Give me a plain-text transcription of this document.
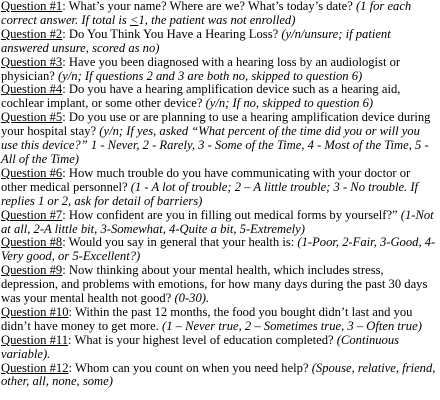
Question #1: What’s your name? Where are we? What’s today’s date? (1 for each correct answer. If total is <1, the patient was not enrolled)

Question #2: Do You Think You Have a Hearing Loss? (y/n/unsure; if patient answered unsure, scored as no)

Question #3: Have you been diagnosed with a hearing loss by an audiologist or physician? (y/n; If questions 2 and 3 are both no, skipped to question 6)

Question #4: Do you have a hearing amplification device such as a hearing aid, cochlear implant, or some other device? (y/n; If no, skipped to question 6)

Question #5: Do you use or are planning to use a hearing amplification device during your hospital stay? (y/n; If yes, asked “What percent of the time did you or will you use this device?” 1 - Never, 2 - Rarely, 3 - Some of the Time, 4 - Most of the Time, 5 - All of the Time)

Question #6: How much trouble do you have communicating with your doctor or other medical personnel? (1 - A lot of trouble; 2 – A little trouble; 3 - No trouble. If replies 1 or 2, ask for detail of barriers)

Question #7: How confident are you in filling out medical forms by yourself?” (1-Not at all, 2-A little bit, 3-Somewhat, 4-Quite a bit, 5-Extremely)

Question #8: Would you say in general that your health is: (1-Poor, 2-Fair, 3-Good, 4-Very good, or 5-Excellent?)

Question #9: Now thinking about your mental health, which includes stress, depression, and problems with emotions, for how many days during the past 30 days was your mental health not good? (0-30).

Question #10: Within the past 12 months, the food you bought didn’t last and you didn’t have money to get more. (1 – Never true, 2 – Sometimes true, 3 – Often true)

Question #11: What is your highest level of education completed? (Continuous variable).

Question #12: Whom can you count on when you need help? (Spouse, relative, friend, other, all, none, some)
